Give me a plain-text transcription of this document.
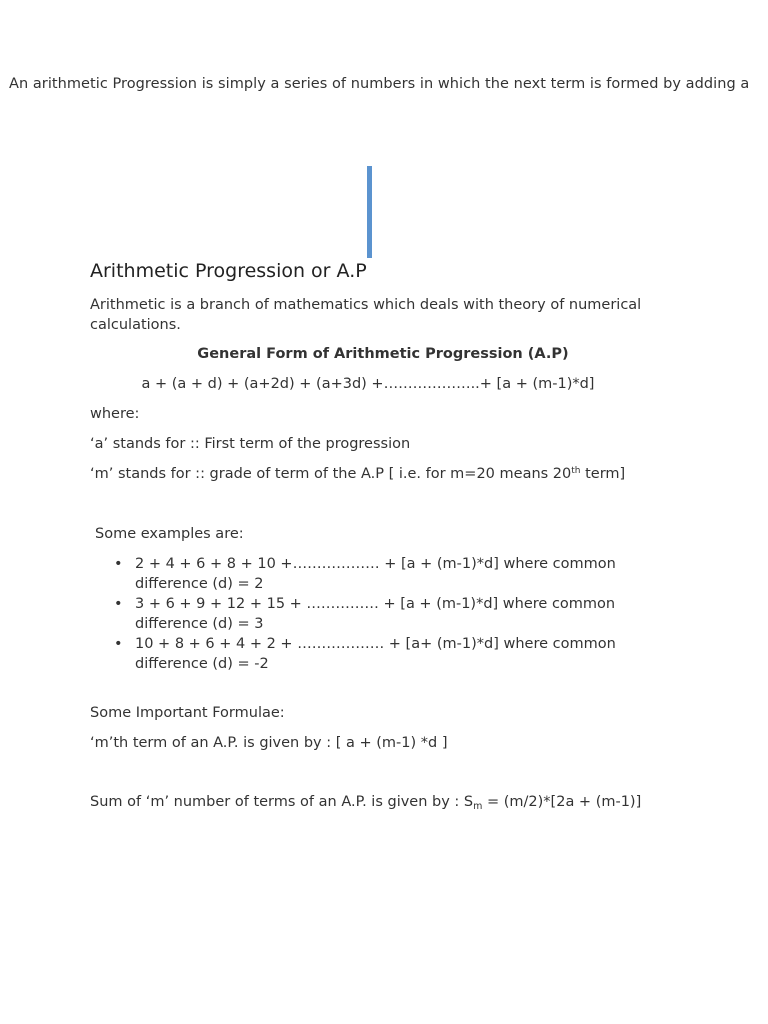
An arithmetic Progression is simply a series of numbers in which the next term is formed by adding a
Arithmetic Progression or A.P

Arithmetic is a branch of mathematics which deals with theory of numerical calculations.

General Form of Arithmetic Progression (A.P)

a + (a + d) + (a+2d) + (a+3d) +………………..+ [a + (m-1)*d]

where:

‘a’ stands for :: First term of the progression

‘m’ stands for :: grade of term of the A.P [ i.e. for m=20 means 20th term]

Some examples are:

• 2 + 4 + 6 + 8 + 10 +……………… + [a + (m-1)*d] where common difference (d) = 2
• 3 + 6 + 9 + 12 + 15 + …………… + [a + (m-1)*d] where common difference (d) = 3
• 10 + 8 + 6 + 4 + 2 + ……………… + [a+ (m-1)*d] where common difference (d) = -2

Some Important Formulae:

‘m’th term of an A.P. is given by : [ a + (m-1) *d ]

Sum of ‘m’ number of terms of an A.P. is given by : $S_m = (m/2)*[2a + (m-1)]$
